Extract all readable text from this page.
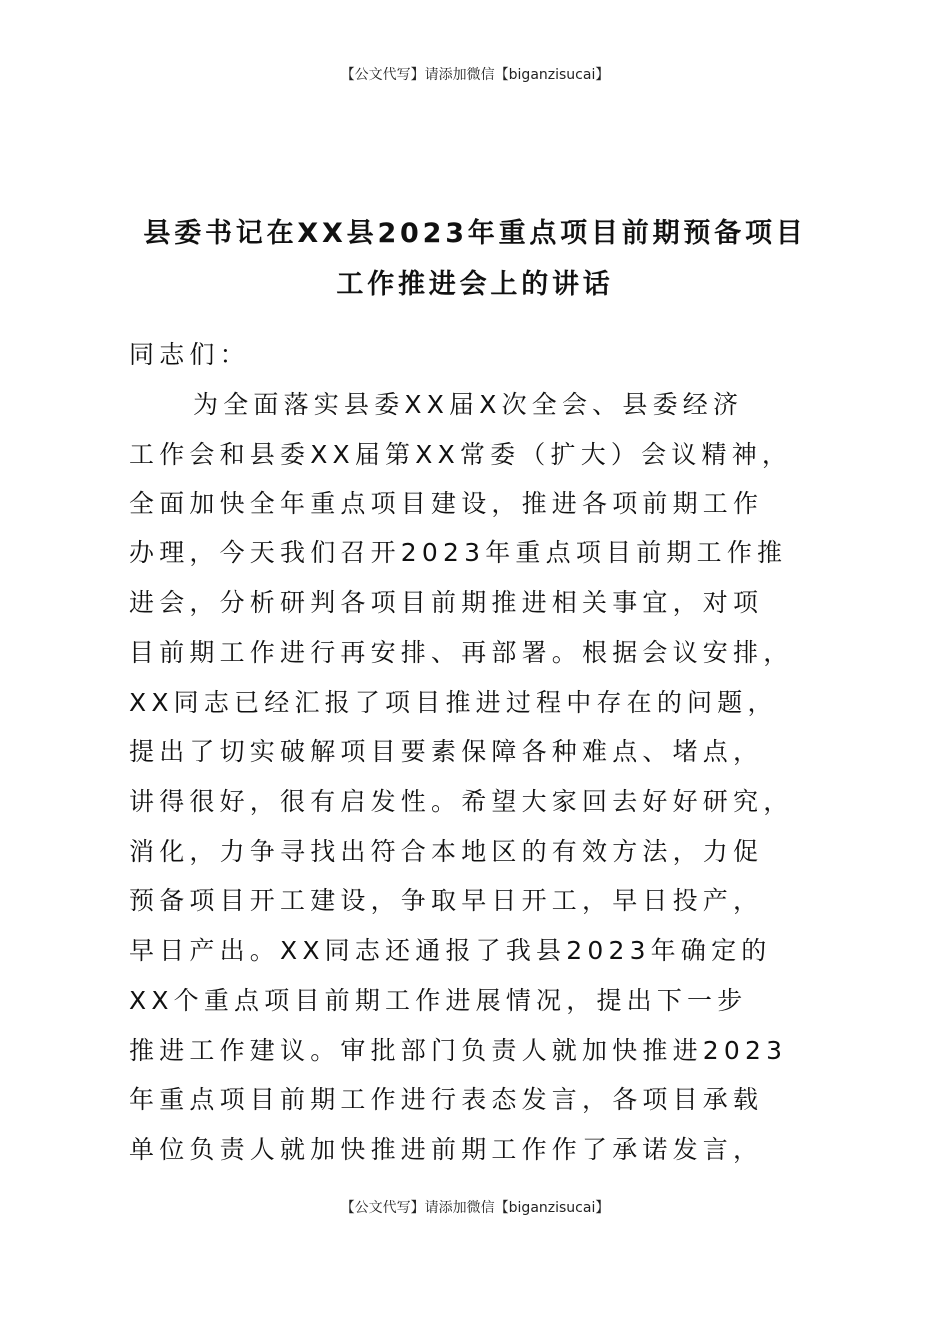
【公文代写】请添加微信【biganzisucai】
县委书记在XX县2023年重点项目前期预备项目
工作推进会上的讲话
同志们：
为全面落实县委XX届X次全会、县委经济
工作会和县委XX届第XX常委（扩大）会议精神，
全面加快全年重点项目建设，推进各项前期工作
办理，今天我们召开2023年重点项目前期工作推
进会，分析研判各项目前期推进相关事宜，对项
目前期工作进行再安排、再部署。根据会议安排，
XX同志已经汇报了项目推进过程中存在的问题，
提出了切实破解项目要素保障各种难点、堵点，
讲得很好，很有启发性。希望大家回去好好研究，
消化，力争寻找出符合本地区的有效方法，力促
预备项目开工建设，争取早日开工，早日投产，
早日产出。XX同志还通报了我县2023年确定的
XX个重点项目前期工作进展情况，提出下一步
推进工作建议。审批部门负责人就加快推进2023
年重点项目前期工作进行表态发言，各项目承载
单位负责人就加快推进前期工作作了承诺发言，
【公文代写】请添加微信【biganzisucai】
